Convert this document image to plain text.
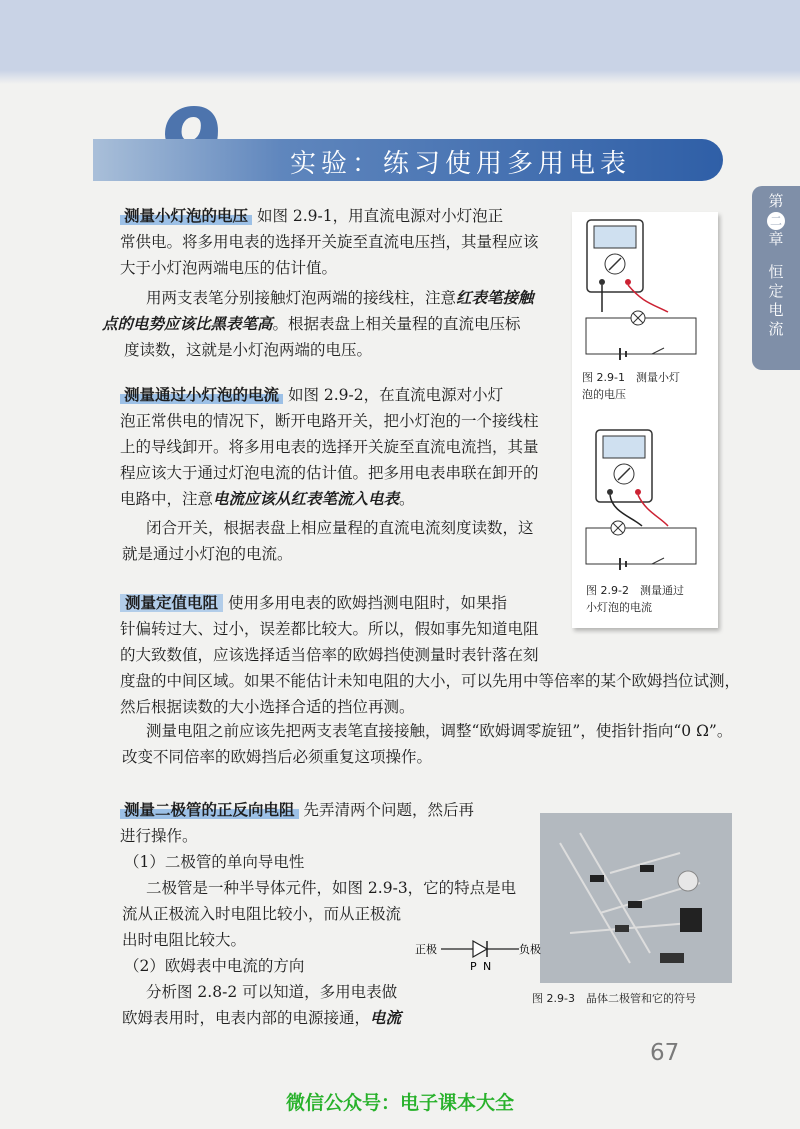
实验：练习使用多用电表
第
二
章
恒
定
电
流

测量小灯泡的电压 如图 2.9-1，用直流电源对小灯泡正
常供电。将多用电表的选择开关旋至直流电压挡，其量程应该
大于小灯泡两端电压的估计值。

用两支表笔分别接触灯泡两端的接线柱，注意红表笔接触
点的电势应该比黑表笔高。根据表盘上相关量程的直流电压标
度读数，这就是小灯泡两端的电压。

测量通过小灯泡的电流 如图 2.9-2，在直流电源对小灯
泡正常供电的情况下，断开电路开关，把小灯泡的一个接线柱
上的导线卸开。将多用电表的选择开关旋至直流电流挡，其量
程应该大于通过灯泡电流的估计值。把多用电表串联在卸开的
电路中，注意电流应该从红表笔流入电表。

闭合开关，根据表盘上相应量程的直流电流刻度读数，这
就是通过小灯泡的电流。

测量定值电阻 使用多用电表的欧姆挡测电阻时，如果指
针偏转过大、过小，误差都比较大。所以，假如事先知道电阻
的大致数值，应该选择适当倍率的欧姆挡使测量时表针落在刻
度盘的中间区域。如果不能估计未知电阻的大小，可以先用中等倍率的某个欧姆挡位试测，
然后根据读数的大小选择合适的挡位再测。

测量电阻之前应该先把两支表笔直接接触，调整“欧姆调零旋钮”，使指针指向“0 Ω”。
改变不同倍率的欧姆挡后必须重复这项操作。

测量二极管的正反向电阻 先弄清两个问题，然后再
进行操作。

（1）二极管的单向导电性

二极管是一种半导体元件，如图 2.9-3，它的特点是电
流从正极流入时电阻比较小，而从正极流
出时电阻比较大。

（2）欧姆表中电流的方向

分析图 2.8-2 可以知道，多用电表做
欧姆表用时，电表内部的电源接通，电流

图 2.9-1　测量小灯
泡的电压
图 2.9-2　测量通过
小灯泡的电流
正极	负极
P N
图 2.9-3　晶体二极管和它的符号
67
微信公众号：电子课本大全
